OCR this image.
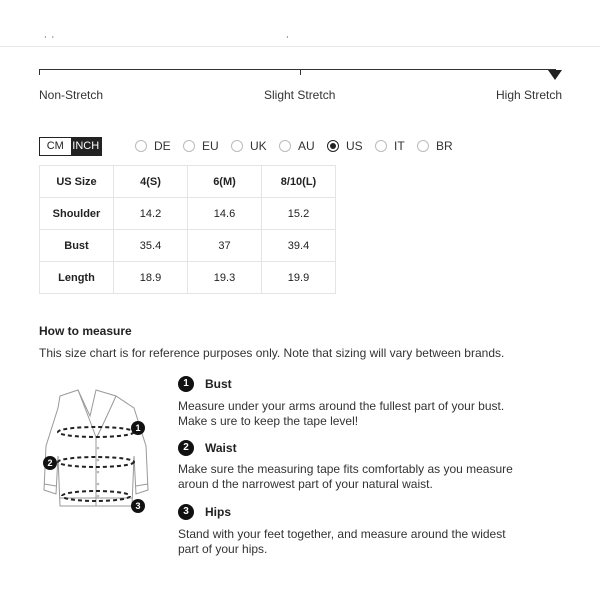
˙ ˙	˙
Non-Stretch	Slight Stretch	High Stretch
CM INCH	DE	EU	UK	AU	US	IT	BR
US Size	4(S)	6(M)	8/10(L)
Shoulder	14.2	14.6	15.2
Bust	35.4	37	39.4
Length	18.9	19.3	19.9
How to measure
This size chart is for reference purposes only. Note that sizing will vary between brands.
1
2
3
1	Bust
Measure under your arms around the fullest part of your bust. Make s ure to keep the tape level!
2	Waist
Make sure the measuring tape fits comfortably as you measure aroun d the narrowest part of your natural waist.
3	Hips
Stand with your feet together, and measure around the widest part of your hips.
